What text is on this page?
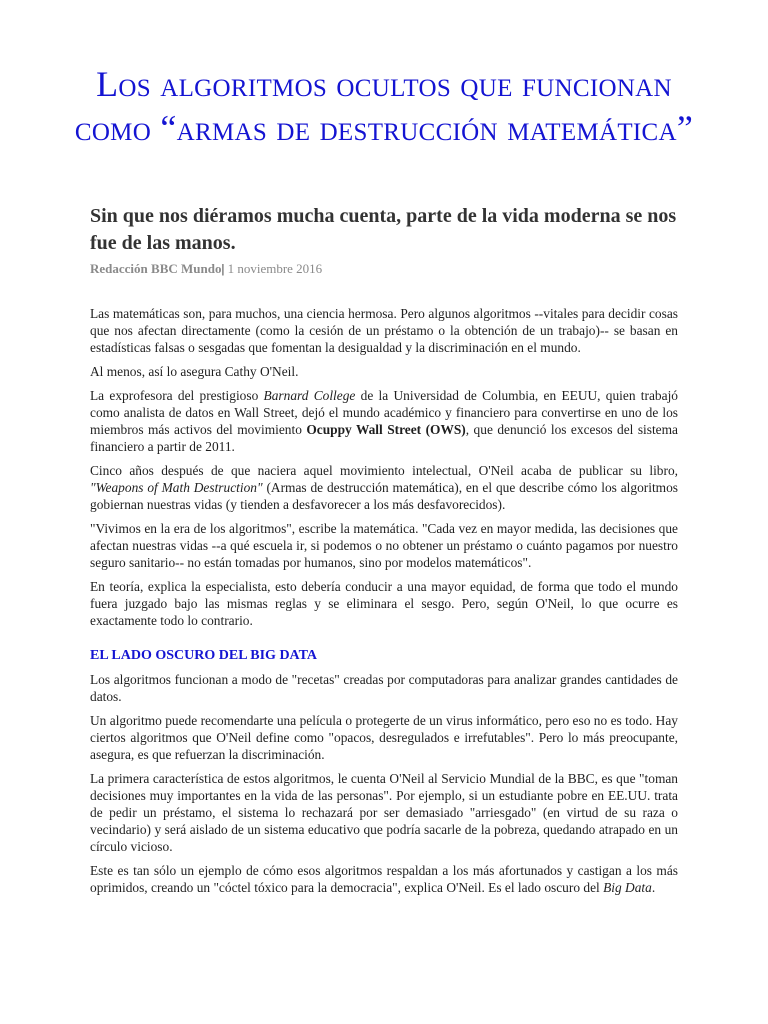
Los algoritmos ocultos que funcionan como “armas de destrucción matemática”
Sin que nos diéramos mucha cuenta, parte de la vida moderna se nos fue de las manos.

Redacción BBC Mundo| 1 noviembre 2016

Las matemáticas son, para muchos, una ciencia hermosa. Pero algunos algoritmos --vitales para decidir cosas que nos afectan directamente (como la cesión de un préstamo o la obtención de un trabajo)-- se basan en estadísticas falsas o sesgadas que fomentan la desigualdad y la discriminación en el mundo.

Al menos, así lo asegura Cathy O'Neil.

La exprofesora del prestigioso Barnard College de la Universidad de Columbia, en EEUU, quien trabajó como analista de datos en Wall Street, dejó el mundo académico y financiero para convertirse en uno de los miembros más activos del movimiento Ocuppy Wall Street (OWS), que denunció los excesos del sistema financiero a partir de 2011.

Cinco años después de que naciera aquel movimiento intelectual, O'Neil acaba de publicar su libro, "Weapons of Math Destruction" (Armas de destrucción matemática), en el que describe cómo los algoritmos gobiernan nuestras vidas (y tienden a desfavorecer a los más desfavorecidos).

"Vivimos en la era de los algoritmos", escribe la matemática. "Cada vez en mayor medida, las decisiones que afectan nuestras vidas --a qué escuela ir, si podemos o no obtener un préstamo o cuánto pagamos por nuestro seguro sanitario-- no están tomadas por humanos, sino por modelos matemáticos".

En teoría, explica la especialista, esto debería conducir a una mayor equidad, de forma que todo el mundo fuera juzgado bajo las mismas reglas y se eliminara el sesgo. Pero, según O'Neil, lo que ocurre es exactamente todo lo contrario.

EL LADO OSCURO DEL BIG DATA

Los algoritmos funcionan a modo de "recetas" creadas por computadoras para analizar grandes cantidades de datos.

Un algoritmo puede recomendarte una película o protegerte de un virus informático, pero eso no es todo. Hay ciertos algoritmos que O'Neil define como "opacos, desregulados e irrefutables". Pero lo más preocupante, asegura, es que refuerzan la discriminación.

La primera característica de estos algoritmos, le cuenta O'Neil al Servicio Mundial de la BBC, es que "toman decisiones muy importantes en la vida de las personas". Por ejemplo, si un estudiante pobre en EE.UU. trata de pedir un préstamo, el sistema lo rechazará por ser demasiado "arriesgado" (en virtud de su raza o vecindario) y será aislado de un sistema educativo que podría sacarle de la pobreza, quedando atrapado en un círculo vicioso.

Este es tan sólo un ejemplo de cómo esos algoritmos respaldan a los más afortunados y castigan a los más oprimidos, creando un "cóctel tóxico para la democracia", explica O'Neil. Es el lado oscuro del Big Data.
